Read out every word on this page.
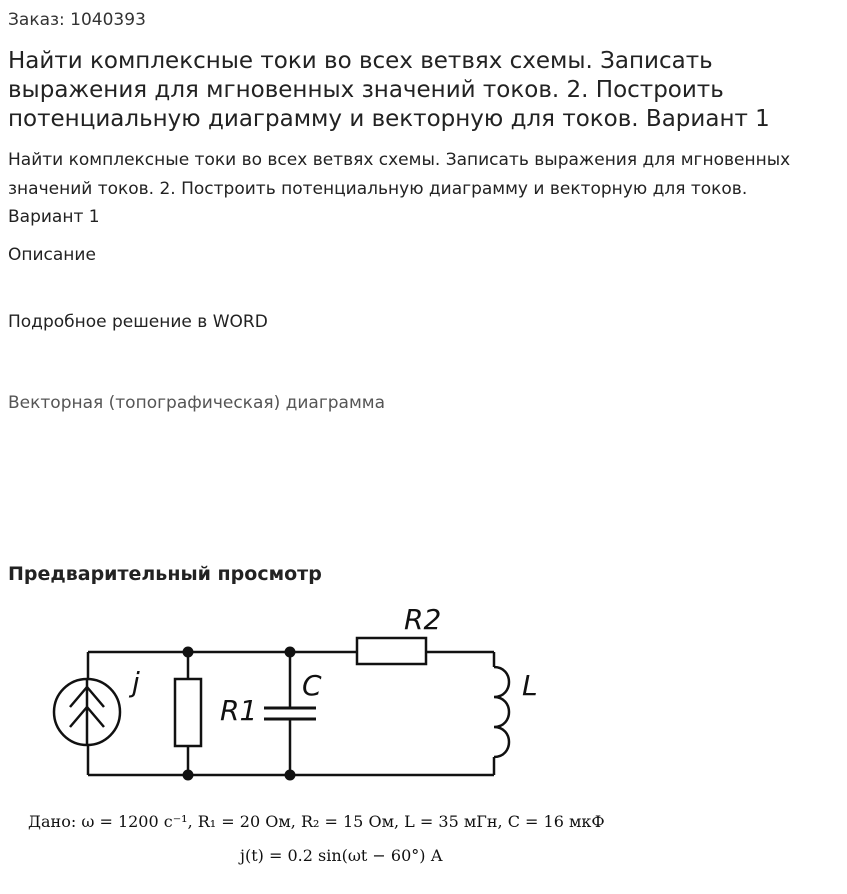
Заказ: 1040393
Найти комплексные токи во всех ветвях схемы. Записать выражения для мгновенных значений токов. 2. Построить потенциальную диаграмму и векторную для токов. Вариант 1
Найти комплексные токи во всех ветвях схемы. Записать выражения для мгновенных значений токов. 2. Построить потенциальную диаграмму и векторную для токов. Вариант 1
Описание
Подробное решение в WORD
Векторная (топографическая) диаграмма
Предварительный просмотр
j
R1
C
R2
L
Дано: ω = 1200 с⁻¹, R₁ = 20 Ом, R₂ = 15 Ом, L = 35 мГн, C = 16 мкФ
j(t) = 0.2 sin(ωt − 60°) А
